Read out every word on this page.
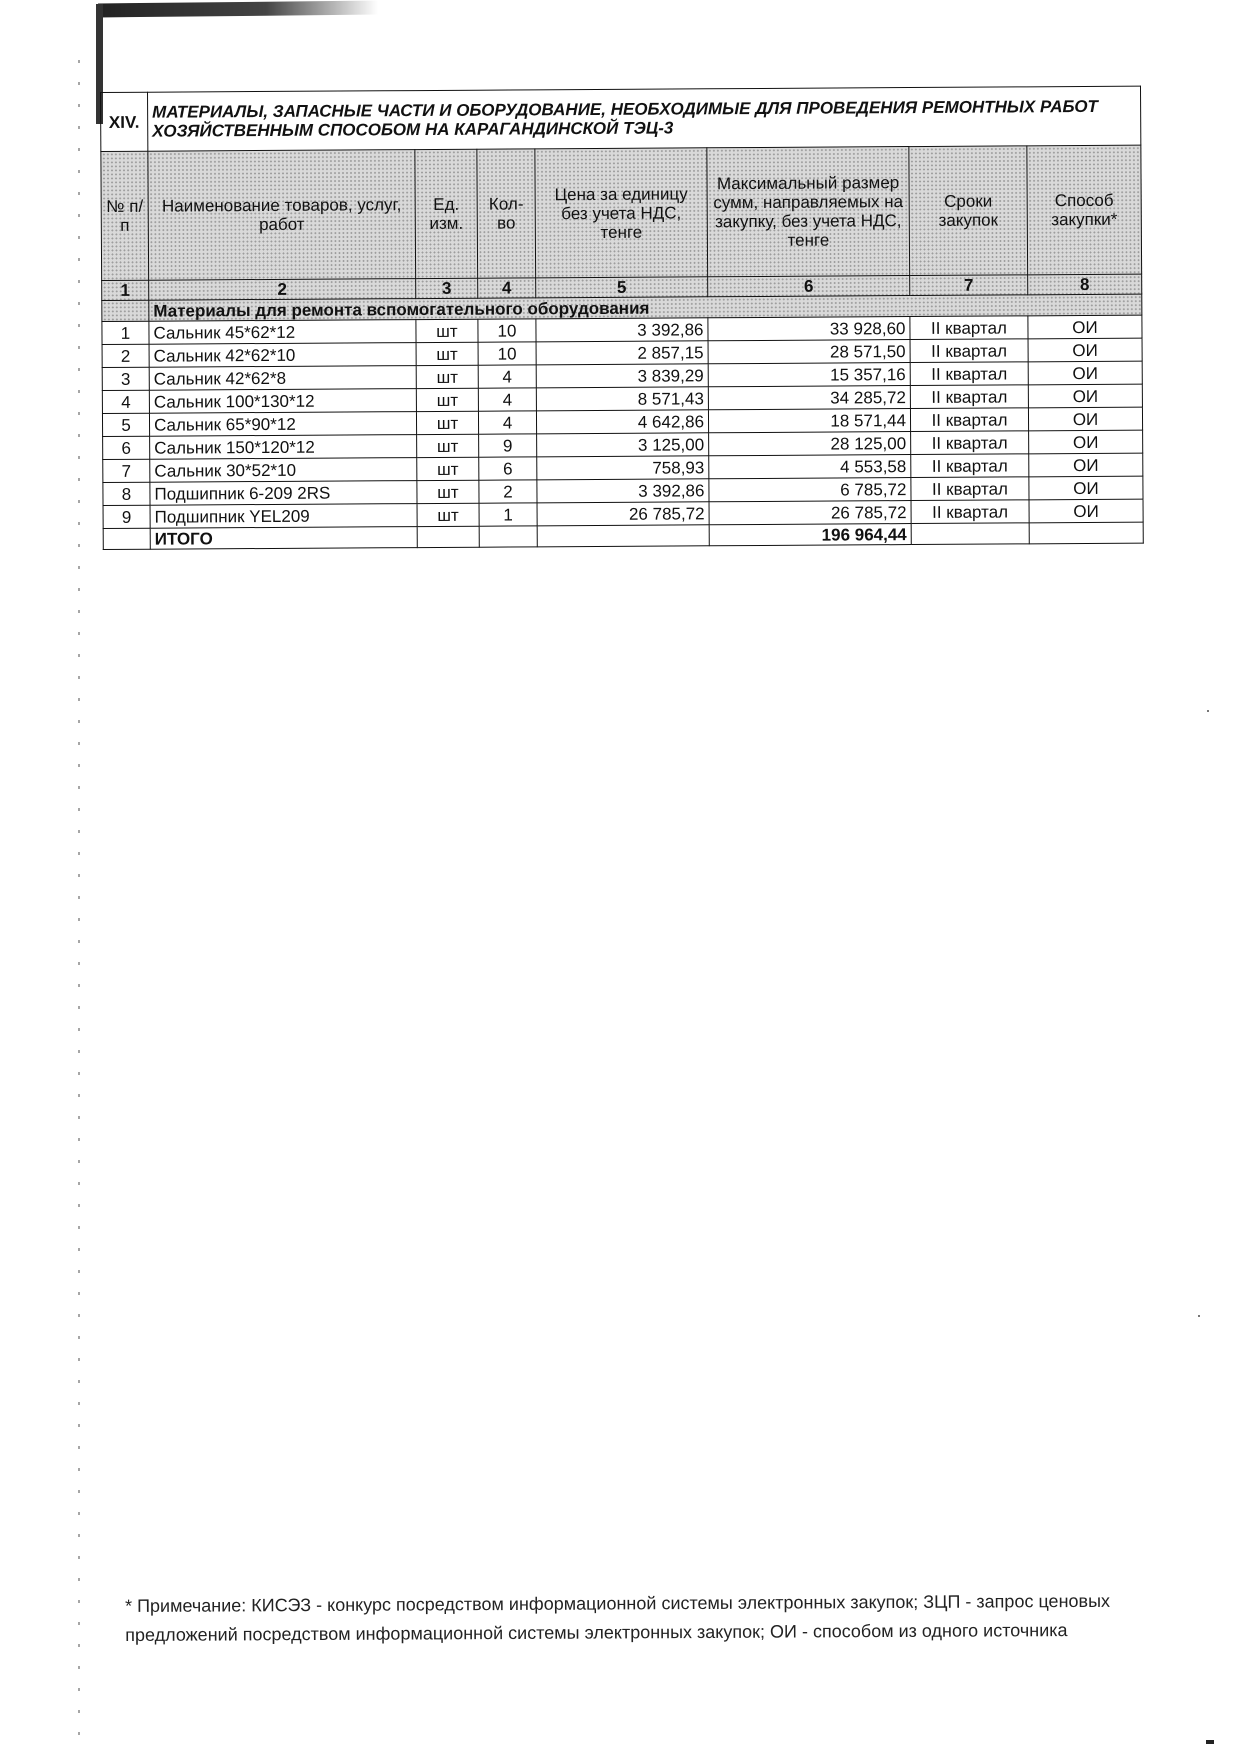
XIV.	МАТЕРИАЛЫ, ЗАПАСНЫЕ ЧАСТИ И ОБОРУДОВАНИЕ, НЕОБХОДИМЫЕ ДЛЯ ПРОВЕДЕНИЯ РЕМОНТНЫХ РАБОТ ХОЗЯЙСТВЕННЫМ СПОСОБОМ НА КАРАГАНДИНСКОЙ ТЭЦ-3						
№ п/п	Наименование товаров, услуг, работ	Ед. изм.	Кол-во	Цена за единицу без учета НДС, тенге	Максимальный размер сумм, направляемых на закупку, без учета НДС, тенге	Сроки закупок	Способ закупки*
1	2	3	4	5	6	7	8
	Материалы для ремонта вспомогательного оборудования						
1	Сальник 45*62*12	шт	10	3 392,86	33 928,60	II квартал	ОИ
2	Сальник 42*62*10	шт	10	2 857,15	28 571,50	II квартал	ОИ
3	Сальник 42*62*8	шт	4	3 839,29	15 357,16	II квартал	ОИ
4	Сальник 100*130*12	шт	4	8 571,43	34 285,72	II квартал	ОИ
5	Сальник 65*90*12	шт	4	4 642,86	18 571,44	II квартал	ОИ
6	Сальник 150*120*12	шт	9	3 125,00	28 125,00	II квартал	ОИ
7	Сальник 30*52*10	шт	6	758,93	4 553,58	II квартал	ОИ
8	Подшипник 6-209 2RS	шт	2	3 392,86	6 785,72	II квартал	ОИ
9	Подшипник YEL209	шт	1	26 785,72	26 785,72	II квартал	ОИ
	ИТОГО				196 964,44		
* Примечание: КИСЭЗ - конкурс посредством информационной системы электронных закупок; ЗЦП - запрос ценовых предложений посредством информационной системы электронных закупок; ОИ - способом из одного источника
